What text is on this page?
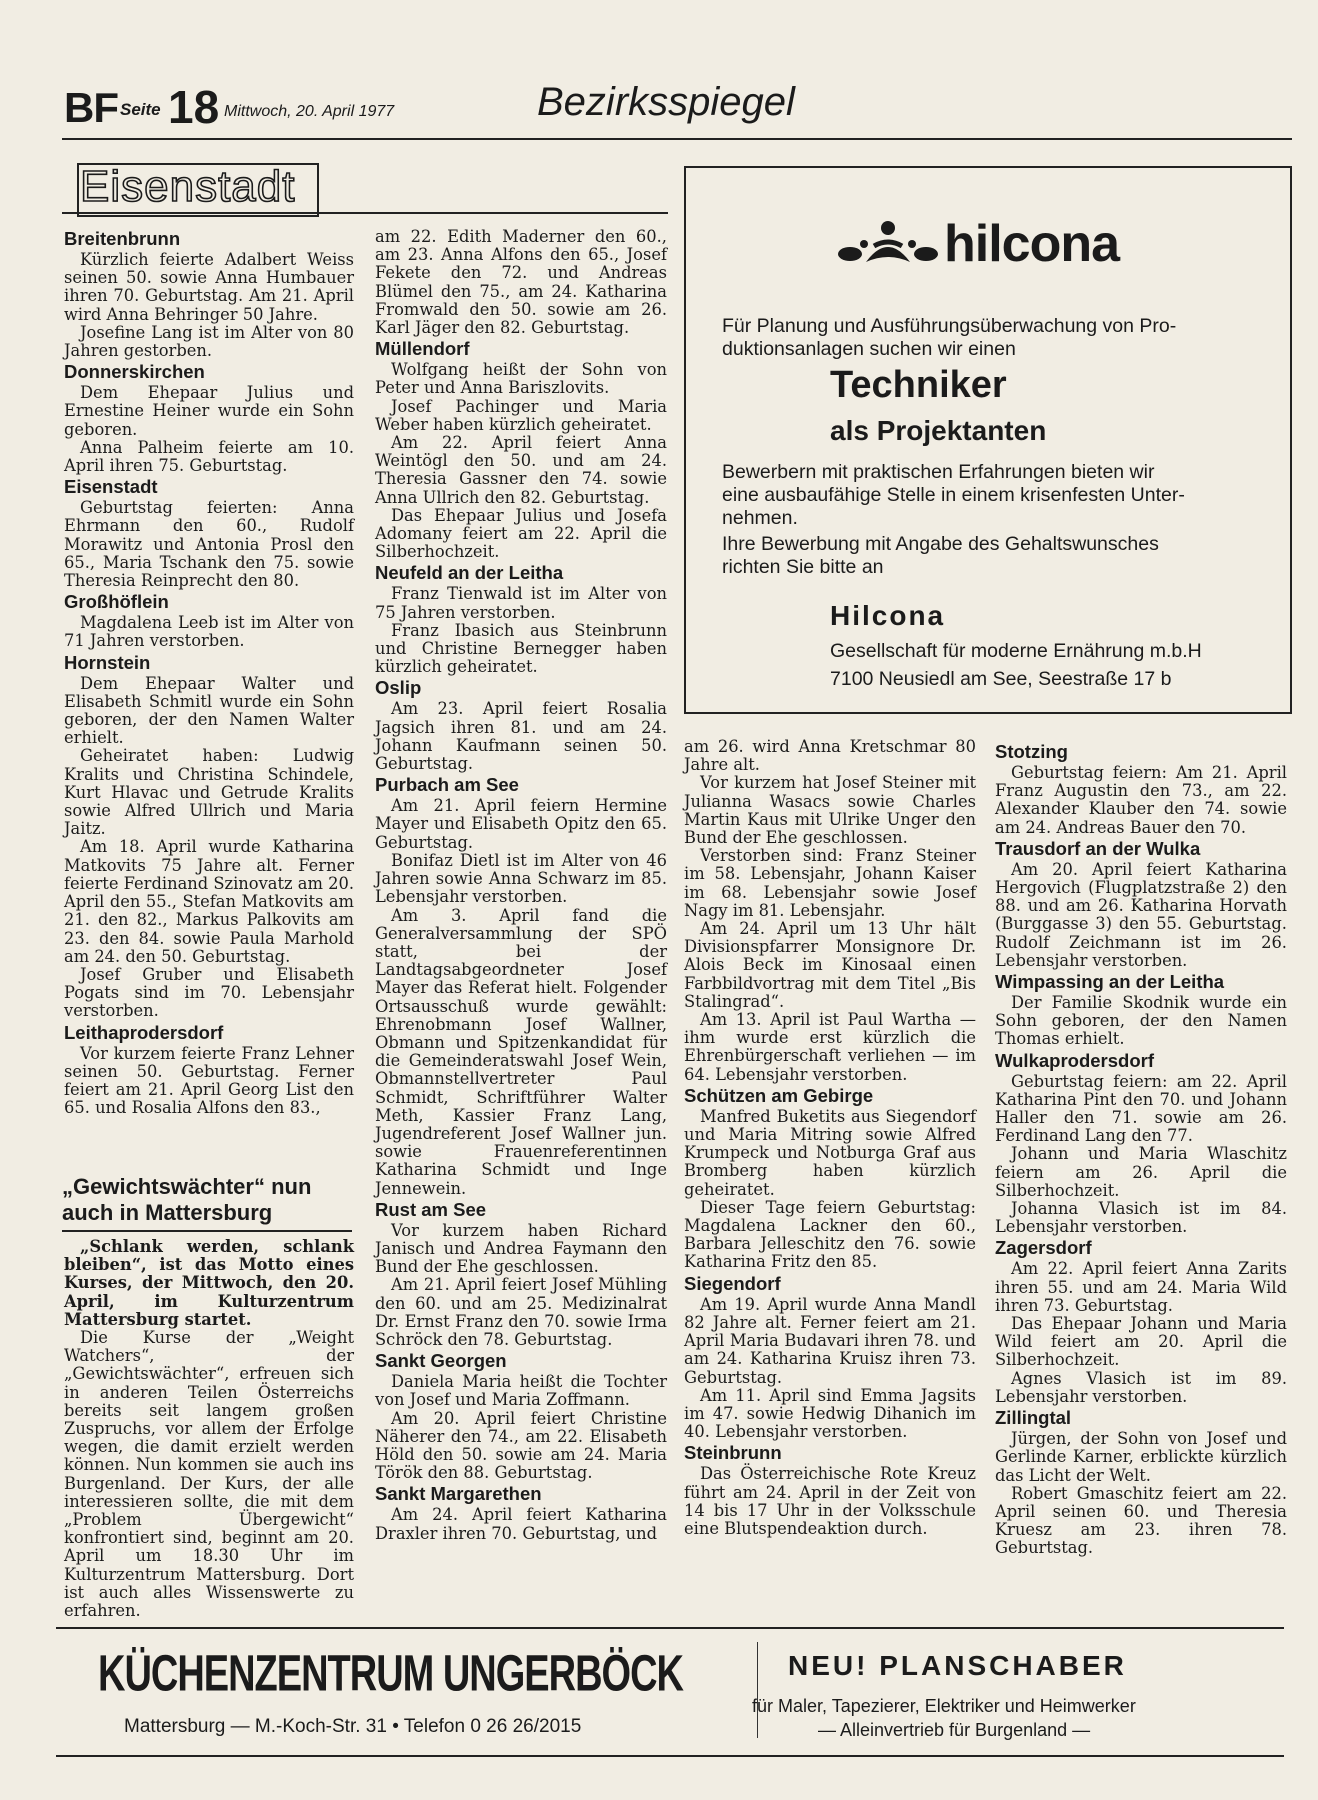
BF Seite 18 Mittwoch, 20. April 1977	Bezirksspiegel
Eisenstadt
Breitenbrunn

Kürzlich feierte Adalbert Weiss seinen 50. sowie Anna Humbauer ihren 70. Geburtstag. Am 21. April wird Anna Behringer 50 Jahre.

Josefine Lang ist im Alter von 80 Jahren gestorben.

Donnerskirchen

Dem Ehepaar Julius und Ernestine Heiner wurde ein Sohn geboren.

Anna Palheim feierte am 10. April ihren 75. Geburtstag.

Eisenstadt

Geburtstag feierten: Anna Ehrmann den 60., Rudolf Morawitz und Antonia Prosl den 65., Maria Tschank den 75. sowie Theresia Reinprecht den 80.

Großhöflein

Magdalena Leeb ist im Alter von 71 Jahren verstorben.

Hornstein

Dem Ehepaar Walter und Elisabeth Schmitl wurde ein Sohn geboren, der den Namen Walter erhielt.

Geheiratet haben: Ludwig Kralits und Christina Schindele, Kurt Hlavac und Getrude Kralits sowie Alfred Ullrich und Maria Jaitz.

Am 18. April wurde Katharina Matkovits 75 Jahre alt. Ferner feierte Ferdinand Szinovatz am 20. April den 55., Stefan Matkovits am 21. den 82., Markus Palkovits am 23. den 84. sowie Paula Marhold am 24. den 50. Geburtstag.

Josef Gruber und Elisabeth Pogats sind im 70. Lebensjahr verstorben.

Leithaprodersdorf

Vor kurzem feierte Franz Lehner seinen 50. Geburtstag. Ferner feiert am 21. April Georg List den 65. und Rosalia Alfons den 83.,

„Gewichtswächter“ nun auch in Mattersburg

„Schlank werden, schlank bleiben“, ist das Motto eines Kurses, der Mittwoch, den 20. April, im Kulturzentrum Mattersburg startet.

Die Kurse der „Weight Watchers“, der „Gewichtswächter“, erfreuen sich in anderen Teilen Österreichs bereits seit langem großen Zuspruchs, vor allem der Erfolge wegen, die damit erzielt werden können. Nun kommen sie auch ins Burgenland. Der Kurs, der alle interessieren sollte, die mit dem „Problem Übergewicht“ konfrontiert sind, beginnt am 20. April um 18.30 Uhr im Kulturzentrum Mattersburg. Dort ist auch alles Wissenswerte zu erfahren.

am 22. Edith Maderner den 60., am 23. Anna Alfons den 65., Josef Fekete den 72. und Andreas Blümel den 75., am 24. Katharina Fromwald den 50. sowie am 26. Karl Jäger den 82. Geburtstag.

Müllendorf

Wolfgang heißt der Sohn von Peter und Anna Bariszlovits.

Josef Pachinger und Maria Weber haben kürzlich geheiratet.

Am 22. April feiert Anna Weintögl den 50. und am 24. Theresia Gassner den 74. sowie Anna Ullrich den 82. Geburtstag.

Das Ehepaar Julius und Josefa Adomany feiert am 22. April die Silberhochzeit.

Neufeld an der Leitha

Franz Tienwald ist im Alter von 75 Jahren verstorben.

Franz Ibasich aus Steinbrunn und Christine Bernegger haben kürzlich geheiratet.

Oslip

Am 23. April feiert Rosalia Jagsich ihren 81. und am 24. Johann Kaufmann seinen 50. Geburtstag.

Purbach am See

Am 21. April feiern Hermine Mayer und Elisabeth Opitz den 65. Geburtstag.

Bonifaz Dietl ist im Alter von 46 Jahren sowie Anna Schwarz im 85. Lebensjahr verstorben.

Am 3. April fand die Generalversammlung der SPÖ statt, bei der Landtagsabgeordneter Josef Mayer das Referat hielt. Folgender Ortsausschuß wurde gewählt: Ehrenobmann Josef Wallner, Obmann und Spitzenkandidat für die Gemeinderatswahl Josef Wein, Obmannstellvertreter Paul Schmidt, Schriftführer Walter Meth, Kassier Franz Lang, Jugendreferent Josef Wallner jun. sowie Frauenreferentinnen Katharina Schmidt und Inge Jennewein.

Rust am See

Vor kurzem haben Richard Janisch und Andrea Faymann den Bund der Ehe geschlossen.

Am 21. April feiert Josef Mühling den 60. und am 25. Medizinalrat Dr. Ernst Franz den 70. sowie Irma Schröck den 78. Geburtstag.

Sankt Georgen

Daniela Maria heißt die Tochter von Josef und Maria Zoffmann.

Am 20. April feiert Christine Näherer den 74., am 22. Elisabeth Höld den 50. sowie am 24. Maria Török den 88. Geburtstag.

Sankt Margarethen

Am 24. April feiert Katharina Draxler ihren 70. Geburtstag, und

hilcona
Für Planung und Ausführungsüberwachung von Pro-
duktionsanlagen suchen wir einen
Techniker
als Projektanten
Bewerbern mit praktischen Erfahrungen bieten wir
eine ausbaufähige Stelle in einem krisenfesten Unter-
nehmen.
Ihre Bewerbung mit Angabe des Gehaltswunsches
richten Sie bitte an
Hilcona
Gesellschaft für moderne Ernährung m.b.H
7100 Neusiedl am See, Seestraße 17 b

am 26. wird Anna Kretschmar 80 Jahre alt.

Vor kurzem hat Josef Steiner mit Julianna Wasacs sowie Charles Martin Kaus mit Ulrike Unger den Bund der Ehe geschlossen.

Verstorben sind: Franz Steiner im 58. Lebensjahr, Johann Kaiser im 68. Lebensjahr sowie Josef Nagy im 81. Lebensjahr.

Am 24. April um 13 Uhr hält Divisionspfarrer Monsignore Dr. Alois Beck im Kinosaal einen Farbbildvortrag mit dem Titel „Bis Stalingrad“.

Am 13. April ist Paul Wartha — ihm wurde erst kürzlich die Ehrenbürgerschaft verliehen — im 64. Lebensjahr verstorben.

Schützen am Gebirge

Manfred Buketits aus Siegendorf und Maria Mitring sowie Alfred Krumpeck und Notburga Graf aus Bromberg haben kürzlich geheiratet.

Dieser Tage feiern Geburtstag: Magdalena Lackner den 60., Barbara Jelleschitz den 76. sowie Katharina Fritz den 85.

Siegendorf

Am 19. April wurde Anna Mandl 82 Jahre alt. Ferner feiert am 21. April Maria Budavari ihren 78. und am 24. Katharina Kruisz ihren 73. Geburtstag.

Am 11. April sind Emma Jagsits im 47. sowie Hedwig Dihanich im 40. Lebensjahr verstorben.

Steinbrunn

Das Österreichische Rote Kreuz führt am 24. April in der Zeit von 14 bis 17 Uhr in der Volksschule eine Blutspendeaktion durch.

Stotzing

Geburtstag feiern: Am 21. April Franz Augustin den 73., am 22. Alexander Klauber den 74. sowie am 24. Andreas Bauer den 70.

Trausdorf an der Wulka

Am 20. April feiert Katharina Hergovich (Flugplatzstraße 2) den 88. und am 26. Katharina Horvath (Burggasse 3) den 55. Geburtstag. Rudolf Zeichmann ist im 26. Lebensjahr verstorben.

Wimpassing an der Leitha

Der Familie Skodnik wurde ein Sohn geboren, der den Namen Thomas erhielt.

Wulkaprodersdorf

Geburtstag feiern: am 22. April Katharina Pint den 70. und Johann Haller den 71. sowie am 26. Ferdinand Lang den 77.

Johann und Maria Wlaschitz feiern am 26. April die Silberhochzeit.

Johanna Vlasich ist im 84. Lebensjahr verstorben.

Zagersdorf

Am 22. April feiert Anna Zarits ihren 55. und am 24. Maria Wild ihren 73. Geburtstag.

Das Ehepaar Johann und Maria Wild feiert am 20. April die Silberhochzeit.

Agnes Vlasich ist im 89. Lebensjahr verstorben.

Zillingtal

Jürgen, der Sohn von Josef und Gerlinde Karner, erblickte kürzlich das Licht der Welt.

Robert Gmaschitz feiert am 22. April seinen 60. und Theresia Kruesz am 23. ihren 78. Geburtstag.

KÜCHENZENTRUM UNGERBÖCK
Mattersburg — M.-Koch-Str. 31 • Telefon 0 26 26/2015
NEU! PLANSCHABER
für Maler, Tapezierer, Elektriker und Heimwerker
— Alleinvertrieb für Burgenland —
